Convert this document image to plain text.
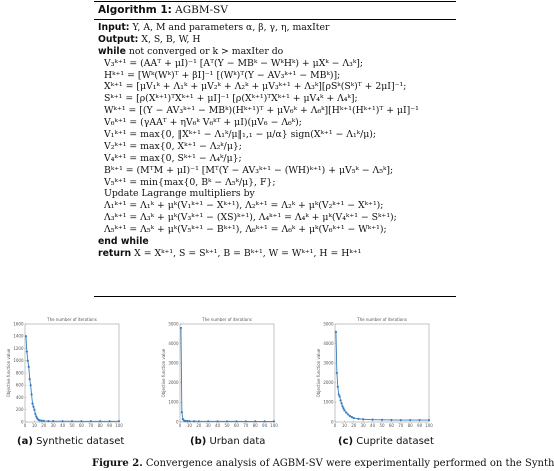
Algorithm 1: AGBM-SV
Input: Y, A, M and parameters α, β, γ, η, maxIter
Output: X, S, B, W, H
while not converged or k > maxIter do
V₃ᵏ⁺¹ = (AAᵀ + μI)⁻¹ [Aᵀ(Y − MBᵏ − WᵏHᵏ) + μXᵏ − Λ₃ᵏ];
Hᵏ⁺¹ = [Wᵏ(Wᵏ)ᵀ + βI]⁻¹ [(Wᵏ)ᵀ(Y − AV₃ᵏ⁺¹ − MBᵏ)];
Xᵏ⁺¹ = [μV₁ᵏ + Λ₁ᵏ + μV₂ᵏ + Λ₂ᵏ + μV₃ᵏ⁺¹ + Λ₃ᵏ][ρSᵏ(Sᵏ)ᵀ + 2μI]⁻¹;
Sᵏ⁺¹ = [ρ(Xᵏ⁺¹)ᵀXᵏ⁺¹ + μI]⁻¹ [ρ(Xᵏ⁺¹)ᵀXᵏ⁺¹ + μV₄ᵏ + Λ₄ᵏ];
Wᵏ⁺¹ = [(Y − AV₃ᵏ⁺¹ − MBᵏ)(Hᵏ⁺¹)ᵀ + μV₆ᵏ + Λ₆ᵏ][Hᵏ⁺¹(Hᵏ⁺¹)ᵀ + μI]⁻¹
V₆ᵏ⁺¹ = (γAAᵀ + ηV₆ᵏ V₆ᵏᵀ + μI)(μV₆ − Λ₆ᵏ);
V₁ᵏ⁺¹ = max{0, ‖Xᵏ⁺¹ − Λ₁ᵏ/μ‖₁,₁ − μ/α} sign(Xᵏ⁺¹ − Λ₁ᵏ/μ);
V₂ᵏ⁺¹ = max{0, Xᵏ⁺¹ − Λ₂ᵏ/μ};
V₄ᵏ⁺¹ = max{0, Sᵏ⁺¹ − Λ₄ᵏ/μ};
Bᵏ⁺¹ = (MᵀM + μI)⁻¹ [Mᵀ(Y − AV₃ᵏ⁺¹ − (WH)ᵏ⁺¹) + μV₅ᵏ − Λ₅ᵏ];
V₅ᵏ⁺¹ = min{max{0, Bᵏ − Λ₅ᵏ/μ}, F};
Update Lagrange multipliers by
Λ₁ᵏ⁺¹ = Λ₁ᵏ + μᵏ(V₁ᵏ⁺¹ − Xᵏ⁺¹), Λ₂ᵏ⁺¹ = Λ₂ᵏ + μᵏ(V₂ᵏ⁺¹ − Xᵏ⁺¹);
Λ₃ᵏ⁺¹ = Λ₃ᵏ + μᵏ(V₃ᵏ⁺¹ − (XS)ᵏ⁺¹), Λ₄ᵏ⁺¹ = Λ₄ᵏ + μᵏ(V₄ᵏ⁺¹ − Sᵏ⁺¹);
Λ₅ᵏ⁺¹ = Λ₅ᵏ + μᵏ(V₅ᵏ⁺¹ − Bᵏ⁺¹), Λ₆ᵏ⁺¹ = Λ₆ᵏ + μᵏ(V₆ᵏ⁺¹ − Wᵏ⁺¹);
end while
return X = Xᵏ⁺¹, S = Sᵏ⁺¹, B = Bᵏ⁺¹, W = Wᵏ⁺¹, H = Hᵏ⁺¹
0 10 20 30 40 50 60 70 80 90 100
0
200
400
600
800
1000
1200
1400
1600
The number of iterations
Objective function value
0 10 20 30 40 50 60 70 80 90 100
0
1000
2000
3000
4000
5000
The number of iterations
Objective function value
0 10 20 30 40 50 60 70 80 90 100
0
1000
2000
3000
4000
5000
The number of iterations
Objective function value
(a) Synthetic dataset	(b) Urban data	(c) Cuprite dataset
Figure 2. Convergence analysis of AGBM-SV were experimentally performed on the Synth
